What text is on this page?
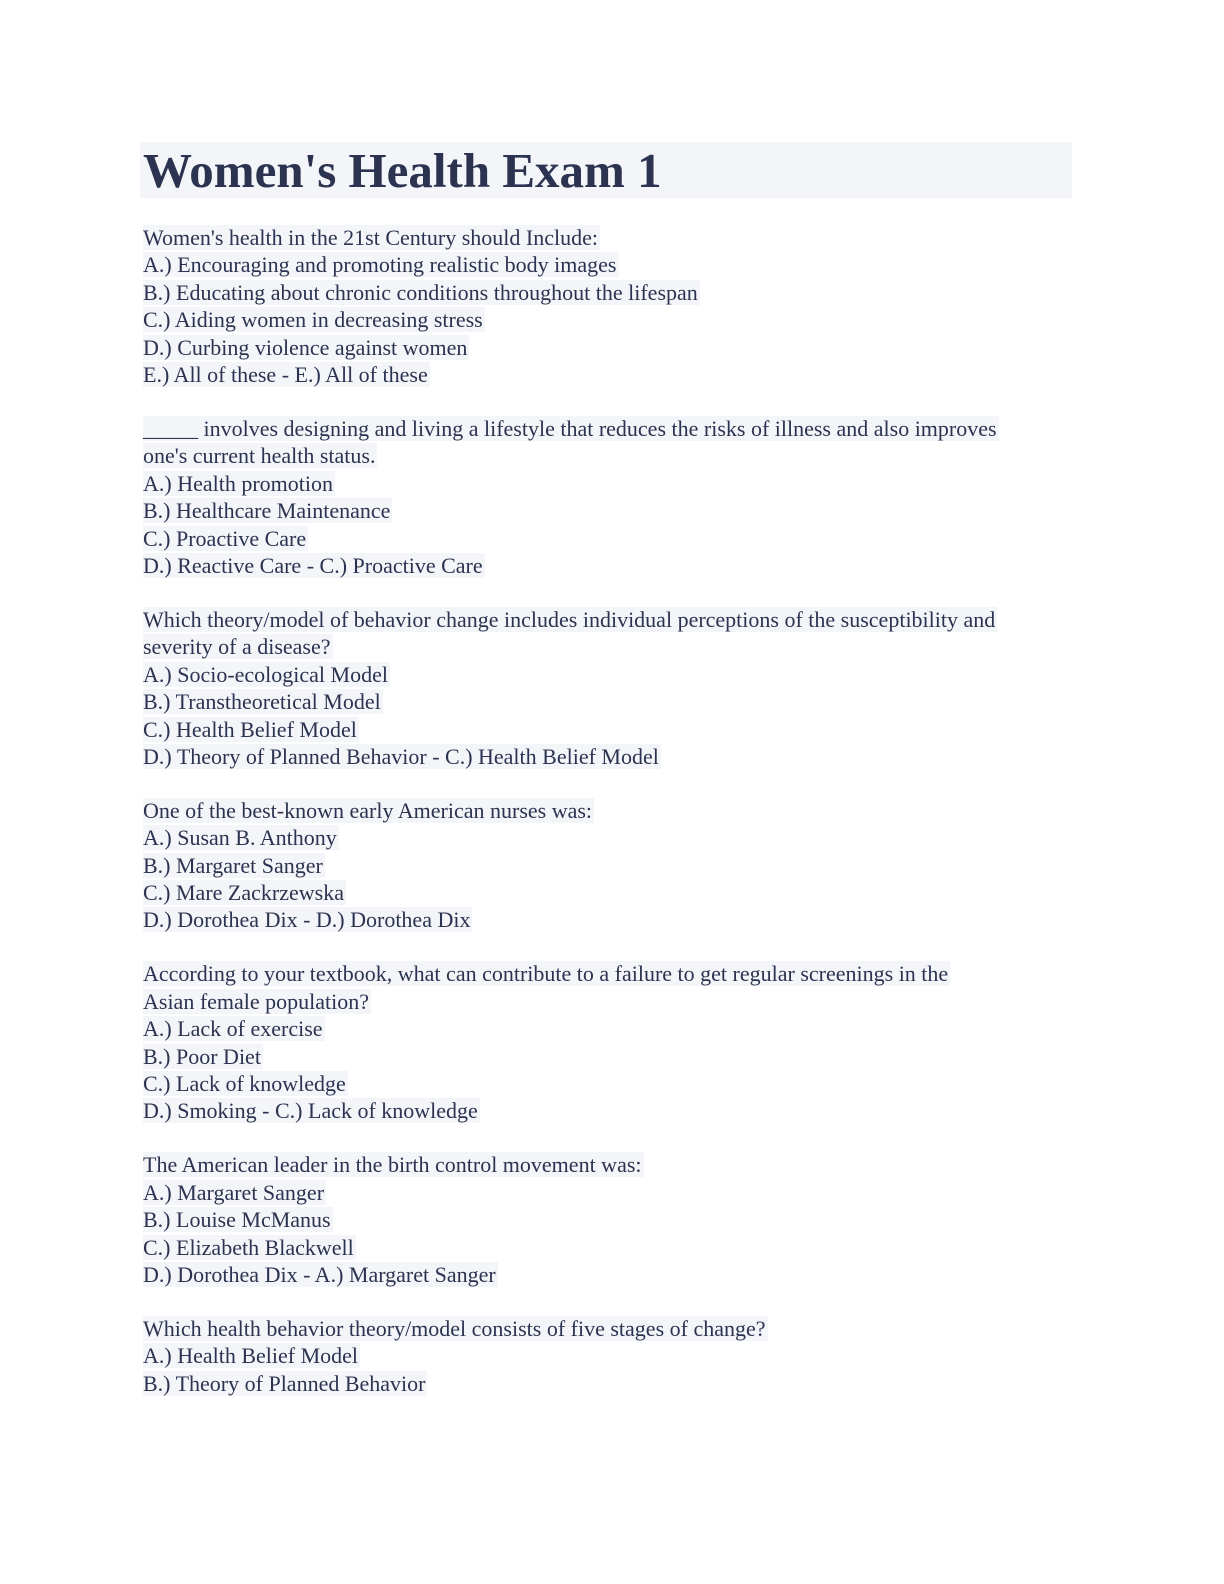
Women's Health Exam 1
Women's health in the 21st Century should Include:
A.) Encouraging and promoting realistic body images
B.) Educating about chronic conditions throughout the lifespan
C.) Aiding women in decreasing stress
D.) Curbing violence against women
E.) All of these - E.) All of these
_____ involves designing and living a lifestyle that reduces the risks of illness and also improves
one's current health status.
A.) Health promotion
B.) Healthcare Maintenance
C.) Proactive Care
D.) Reactive Care - C.) Proactive Care
Which theory/model of behavior change includes individual perceptions of the susceptibility and
severity of a disease?
A.) Socio-ecological Model
B.) Transtheoretical Model
C.) Health Belief Model
D.) Theory of Planned Behavior - C.) Health Belief Model
One of the best-known early American nurses was:
A.) Susan B. Anthony
B.) Margaret Sanger
C.) Mare Zackrzewska
D.) Dorothea Dix - D.) Dorothea Dix
According to your textbook, what can contribute to a failure to get regular screenings in the
Asian female population?
A.) Lack of exercise
B.) Poor Diet
C.) Lack of knowledge
D.) Smoking - C.) Lack of knowledge
The American leader in the birth control movement was:
A.) Margaret Sanger
B.) Louise McManus
C.) Elizabeth Blackwell
D.) Dorothea Dix - A.) Margaret Sanger
Which health behavior theory/model consists of five stages of change?
A.) Health Belief Model
B.) Theory of Planned Behavior
